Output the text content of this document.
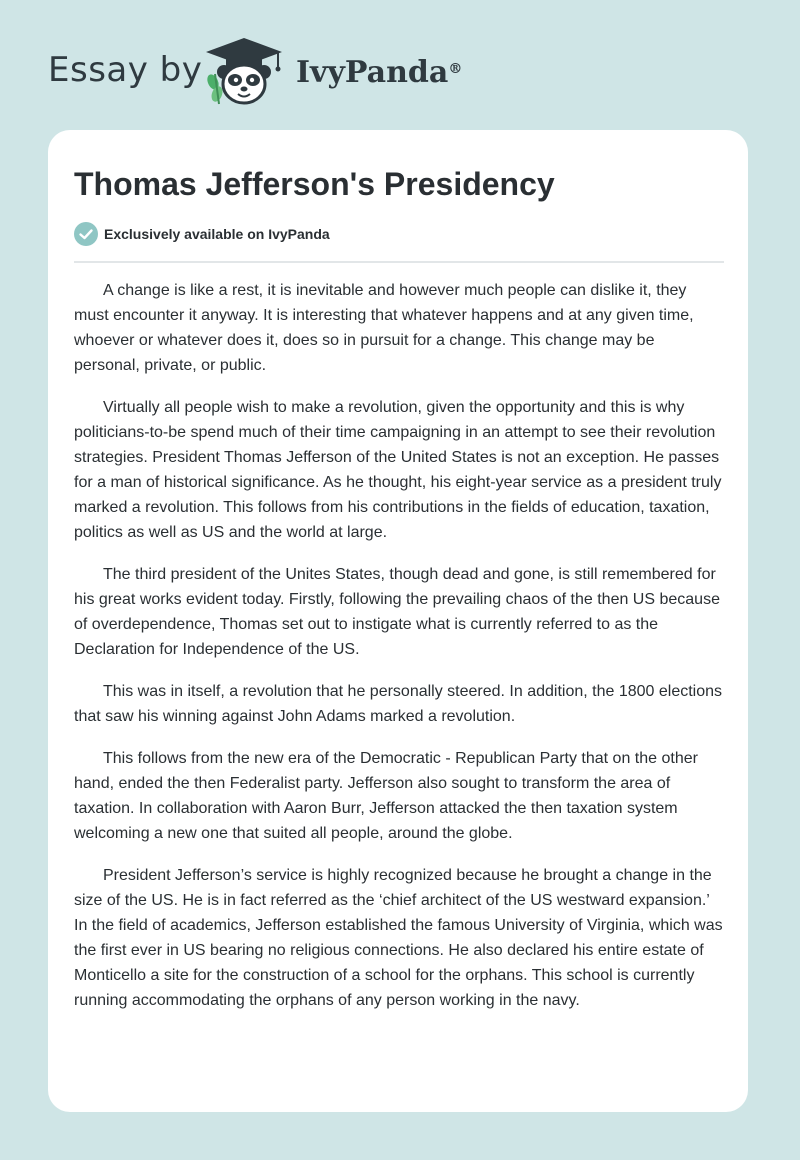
Essay by	IvyPanda®
Thomas Jefferson's Presidency
Exclusively available on IvyPanda

A change is like a rest, it is inevitable and however much people can dislike it, they must encounter it anyway. It is interesting that whatever happens and at any given time, whoever or whatever does it, does so in pursuit for a change. This change may be personal, private, or public.

Virtually all people wish to make a revolution, given the opportunity and this is why politicians-to-be spend much of their time campaigning in an attempt to see their revolution strategies. President Thomas Jefferson of the United States is not an exception. He passes for a man of historical significance. As he thought, his eight-year service as a president truly marked a revolution. This follows from his contributions in the fields of education, taxation, politics as well as US and the world at large.

The third president of the Unites States, though dead and gone, is still remembered for his great works evident today. Firstly, following the prevailing chaos of the then US because of overdependence, Thomas set out to instigate what is currently referred to as the Declaration for Independence of the US.

This was in itself, a revolution that he personally steered. In addition, the 1800 elections that saw his winning against John Adams marked a revolution.

This follows from the new era of the Democratic - Republican Party that on the other hand, ended the then Federalist party. Jefferson also sought to transform the area of taxation. In collaboration with Aaron Burr, Jefferson attacked the then taxation system welcoming a new one that suited all people, around the globe.

President Jefferson’s service is highly recognized because he brought a change in the size of the US. He is in fact referred as the ‘chief architect of the US westward expansion.’ In the field of academics, Jefferson established the famous University of Virginia, which was the first ever in US bearing no religious connections. He also declared his entire estate of Monticello a site for the construction of a school for the orphans. This school is currently running accommodating the orphans of any person working in the navy.
